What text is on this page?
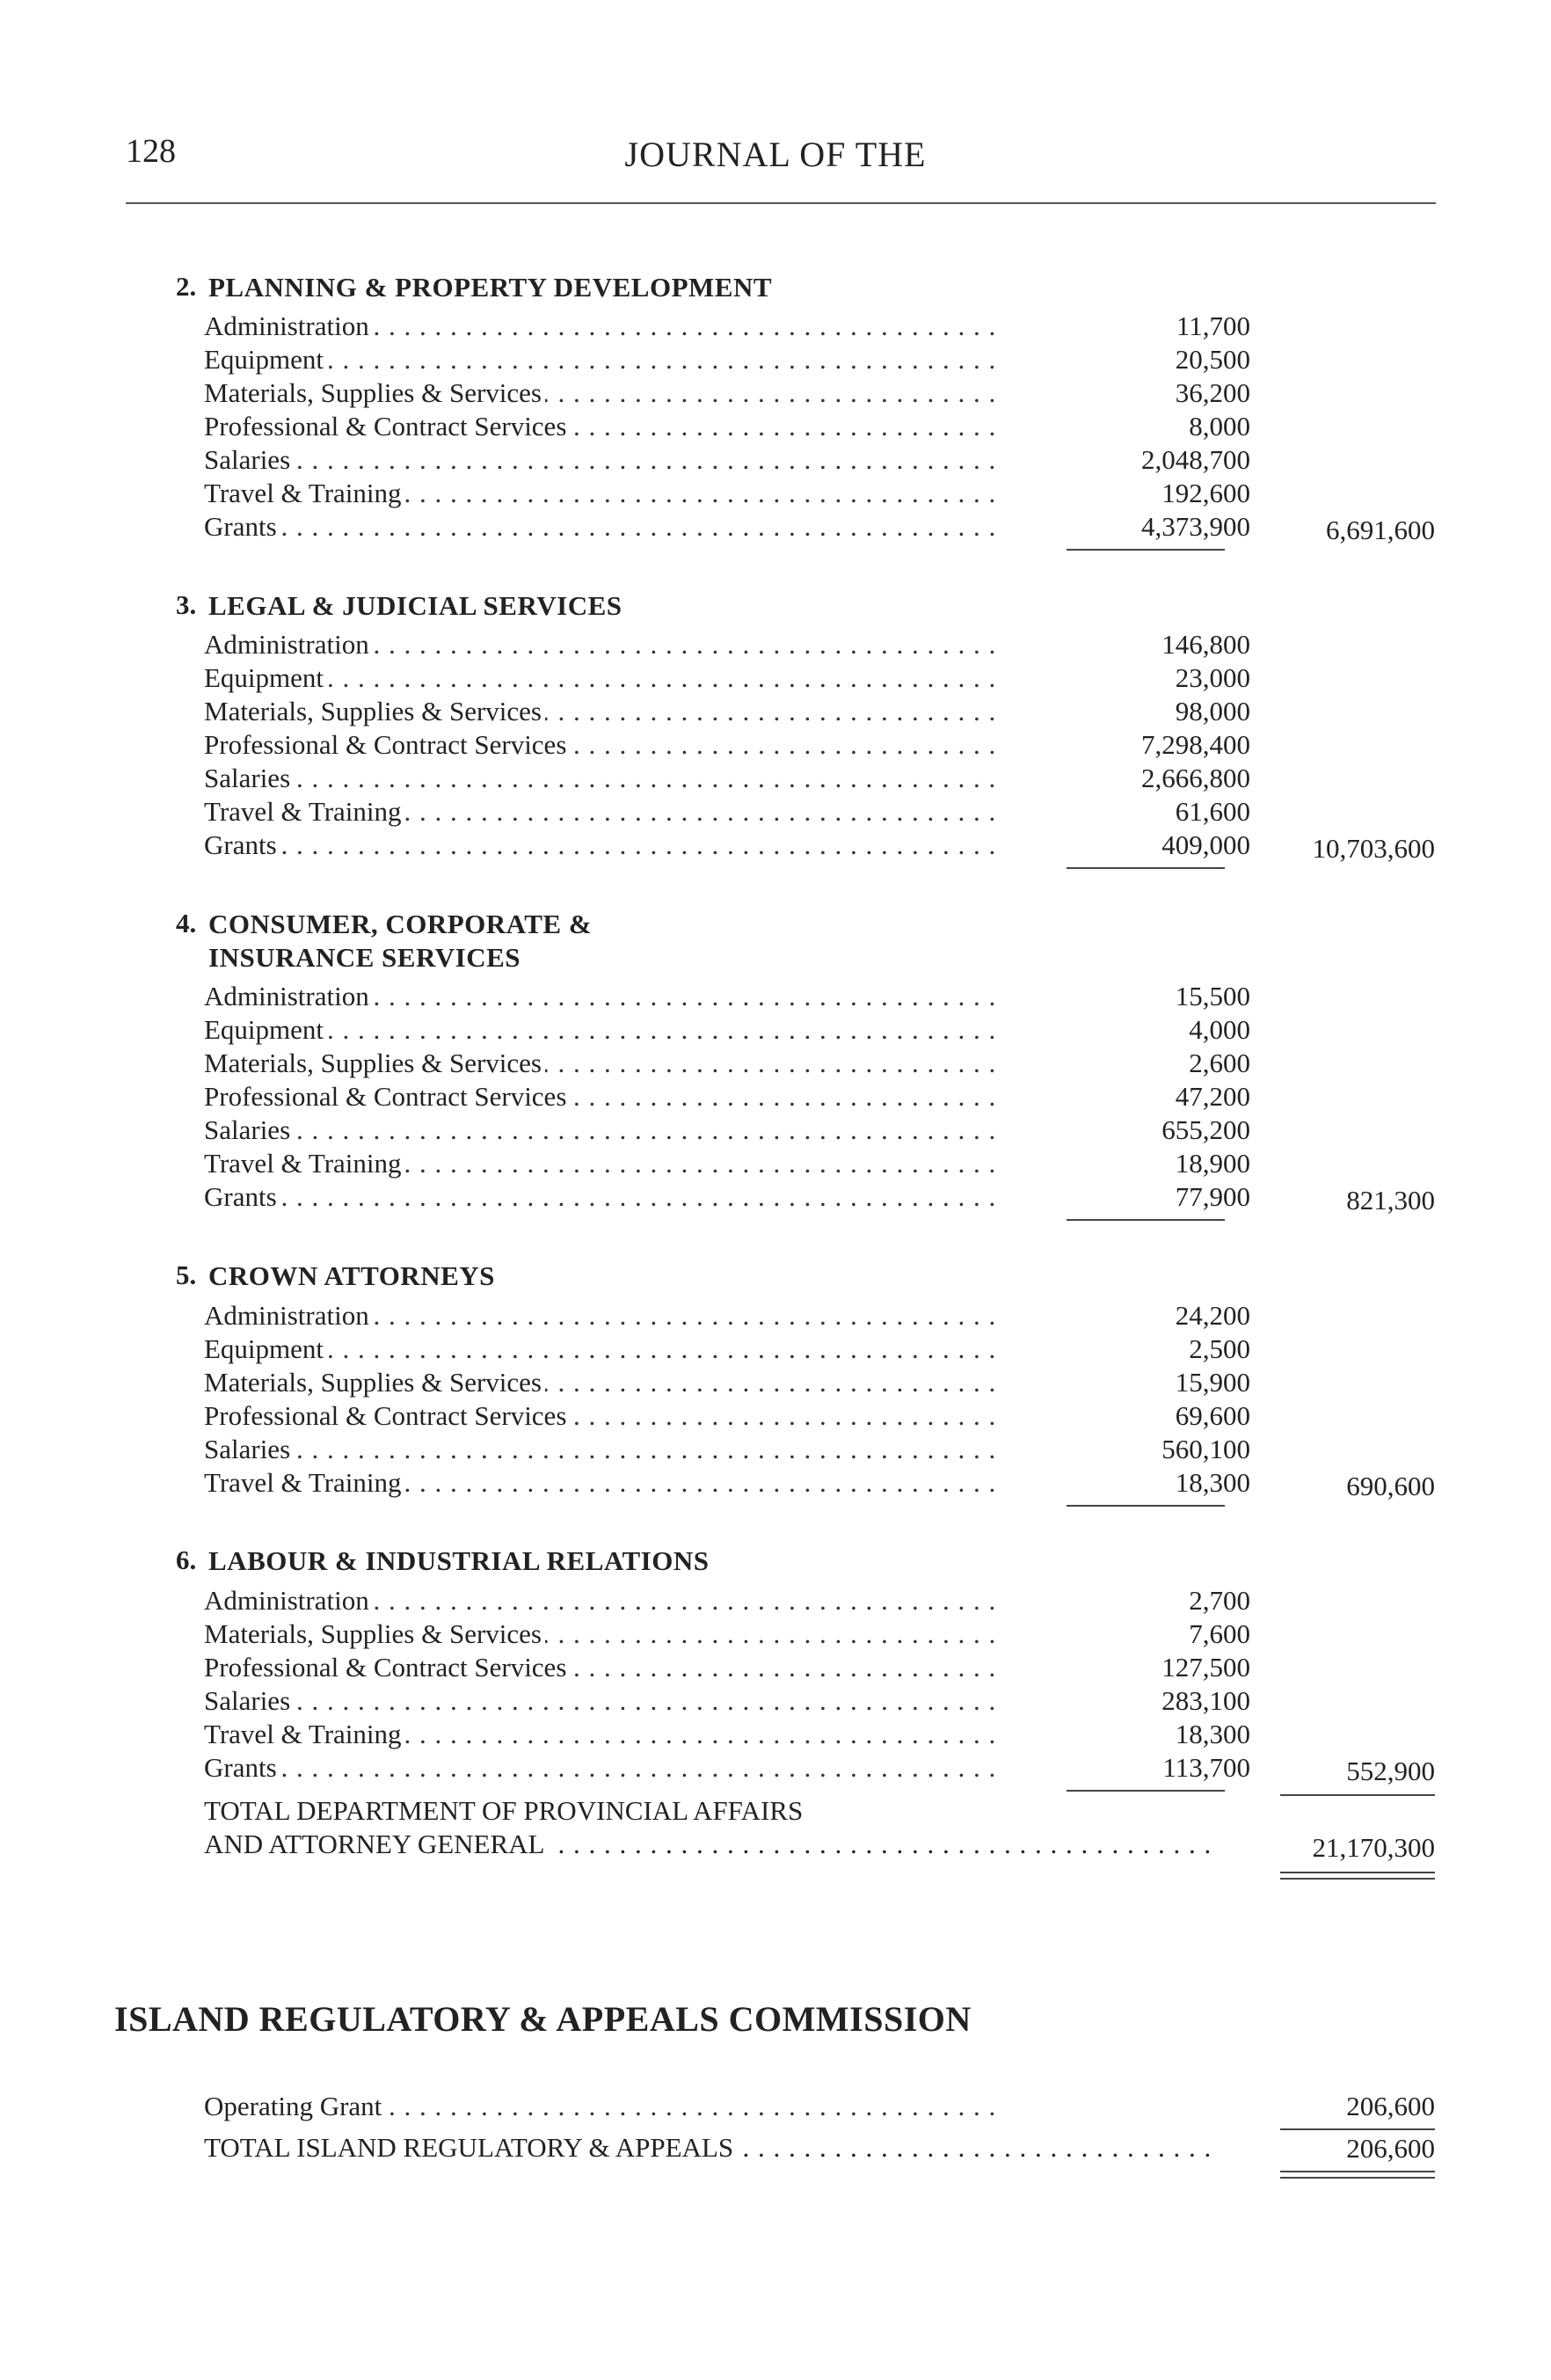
128	JOURNAL OF THE
2. PLANNING & PROPERTY DEVELOPMENT
Administration . . .	11,700
Equipment . . .	20,500
Materials, Supplies & Services . . .	36,200
Professional & Contract Services . . .	8,000
Salaries . . .	2,048,700
Travel & Training . . .	192,600
Grants . . .	4,373,900	6,691,600
3. LEGAL & JUDICIAL SERVICES
Administration . . .	146,800
Equipment . . .	23,000
Materials, Supplies & Services . . .	98,000
Professional & Contract Services . . .	7,298,400
Salaries . . .	2,666,800
Travel & Training . . .	61,600
Grants . . .	409,000	10,703,600
4. CONSUMER, CORPORATE &
INSURANCE SERVICES
Administration . . .	15,500
Equipment . . .	4,000
Materials, Supplies & Services . . .	2,600
Professional & Contract Services . . .	47,200
Salaries . . .	655,200
Travel & Training . . .	18,900
Grants . . .	77,900	821,300
5. CROWN ATTORNEYS
Administration . . .	24,200
Equipment . . .	2,500
Materials, Supplies & Services . . .	15,900
Professional & Contract Services . . .	69,600
Salaries . . .	560,100
Travel & Training . . .	18,300	690,600
6. LABOUR & INDUSTRIAL RELATIONS
Administration . . .	2,700
Materials, Supplies & Services . . .	7,600
Professional & Contract Services . . .	127,500
Salaries . . .	283,100
Travel & Training . . .	18,300
Grants . . .	113,700	552,900
TOTAL DEPARTMENT OF PROVINCIAL AFFAIRS
AND ATTORNEY GENERAL . . .	21,170,300
ISLAND REGULATORY & APPEALS COMMISSION
Operating Grant . . .	206,600
TOTAL ISLAND REGULATORY & APPEALS . . .	206,600
